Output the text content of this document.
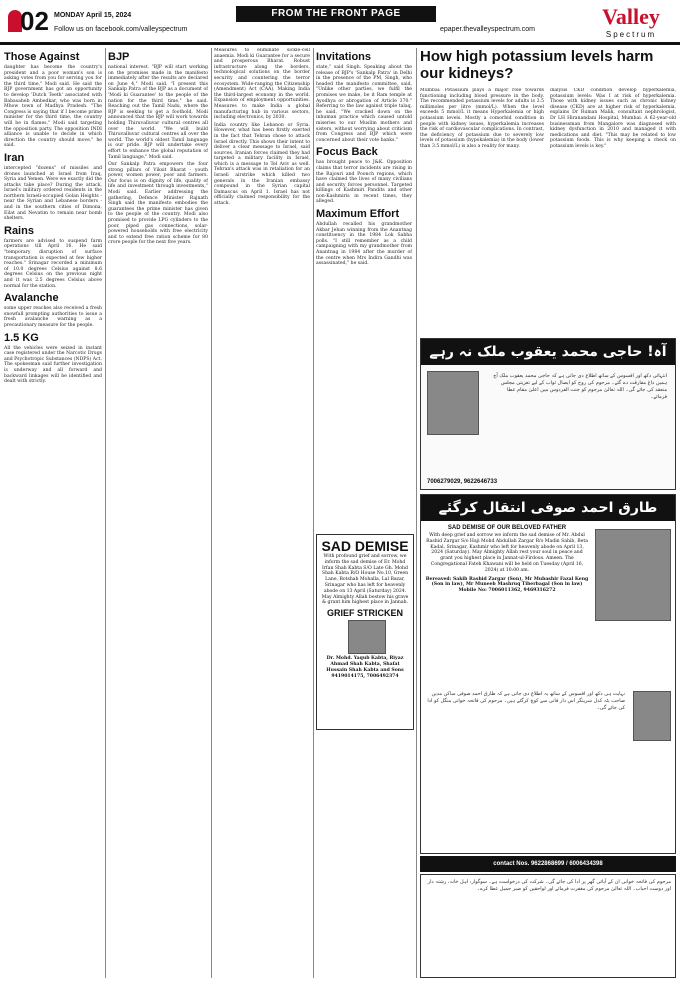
02 MONDAY April 15, 2024
Follow us on facebook.com/valleyspectrum
FROM THE FRONT PAGE
epaper.thevalleyspectrum.com
Valley
Spectrum
Those Against

daughter has become the country's president and a poor woman's son is asking votes from you for serving you for the third time," Modi said. He said the BJP government has got an opportunity to develop 'Dutch Teeth' associated with Babasaheb Ambedkar, who was born in Mhow town of Madhya Pradesh. "The Congress is saying that if I become prime minister for the third time, the country will be in flames," Modi said targeting the opposition party. The opposition INDI alliance is unable to decide in which direction the country should move," he said.

Iran

intercepted "dozens" of missiles and drones launched at Israel from Iraq, Syria and Yemen. Were we exactly did the attacks take place? During the attack, Israel's military ordered residents in the northern Israeli-occupied Golan Heights - near the Syrian and Lebanese borders - and in the southern cities of Dimona, Eilat and Nevatim to remain near bomb shelters.

Rains

farmers are advised to suspend farm operations till April 16. He said "temporary disruption of surface transportation is expected at few higher reaches." Srinagar recorded a minimum of 10.0 degrees Celsius against 8.6 degrees Celsius on the previous night and it was 2.5 degrees Celsius above normal for the station.

Avalanche

some upper reaches also received a fresh snowfall prompting authorities to issue a fresh avalanche warning as a precautionary measure for the people.

1.5 KG

All the vehicles were seized in instant case registered under the Narcotic Drugs and Psychotropic Substances (NDPS) Act. The spokesman said further investigation is underway and all forward and backward linkages will be identified and dealt with strictly.

BJP

national interest. "BJP will start working on the promises made in the manifesto immediately after the results are declared on June 4," Modi said. "I present this Sankalp Patra of the BJP as a document of 'Modi ki Guarantee' to the people of the nation for the third time," he said. Reaching out the Tamil Nadu, where the BJP is seeking to get a foothold, Modi announced that the BJP will work towards holding Thiruvalluvar cultural centres all over the world. "We will build Thiruvalluvar cultural centres all over the world. The world's oldest Tamil language is our pride. BJP will undertake every effort to enhance the global reputation of Tamil language," Modi said.

Our Sankalp Patra empowers the four strong pillars of Viksit Bharat - youth power, women power, poor and farmers. Our focus is on dignity of life, quality of life and investment through investments," Modi said. Earlier addressing the gathering, Defence Minister Rajnath Singh said the manifesto embodies the guarantees the prime minister has given to the people of the country. Modi also promised to provide LPG cylinders to the poor, piped gas connections, solar-powered households with free electricity and to extend free ration scheme for 80 crore people for the next five years.

Measures to eliminate sickle-cell anaemia. Modi ki Guarantee for a secure and prosperous Bharat. Robust infrastructure along the borders, technological solutions on the border security and countering the terror ecosystem. Wide-ranging the Citizenship (Amendment) Act (CAA). Making India the third-largest economy in the world. Expansion of employment opportunities. Measures to make India a global manufacturing hub in various sectors, including electronics, by 2030.

India country like Lebanon or Syria. However, what has been firstly exerted in the fact that Tehran chose to attack Israel directly. This shows their intent to deliver a clear message to Israel, said sources. Iranian forces claimed they had targeted a military facility in Israel, which is a message to Tel Aviv as well. Tehran's attack was in retaliation for an Israeli airstrike which killed two generals in the Iranian embassy compound in the Syrian capital Damascus on April 1. Israel has not officially claimed responsibility for the attack.

Invitations

state," said Singh. Speaking about the release of BJP's 'Sankalp Patra' in Delhi in the presence of the PM, Singh, who headed the manifesto committee, said, "Unlike other parties, we fulfil the promises we make, be it Ram temple at Ayodhya or abrogation of Article 370." Referring to the law against triple talaq, he said, "We cracked down on the inhuman practice which caused untold miseries to our Muslim mothers and sisters, without worrying about criticism from Congress and BJP which were concerned about their vote banks."

Focus Back

has brought peace to J&K. Opposition claims that terror incidents are rising in the Rajouri and Poonch regions, which have claimed the lives of many civilians and security forces personnel. Targeted killings of Kashmiri Pandits and other non-Kashmiris in recent times, they alleged.

Maximum Effort

Abdullah recalled his grandmother Akbar Jehan winning from the Anantnag constituency in the 1984 Lok Sabha polls. "I still remember as a child campaigning with my grandmother from Anantnag in 1984 after the murder of the centre when Mrs Indira Gandhi was assassinated," he said.

How high potassium levels harm our kidneys?

Mumbai: Potassium plays a major role towards functioning including blood pressure in the body. The recommended potassium levels for adults is 3.5 millimoles per litre (mmol/L). When the level exceeds 5 mmol/L it means Hyperkalemia or high potassium levels. Mostly a comorbid condition in people with kidney issues, hyperkalemia increases the risk of cardiovascular complications. In contrast, the deficiency of potassium due to severely low levels of potassium (hypokalemia) in the body (lower than 3.5 mmol/L) is also a reality for many.

dialysis CKD condition develop hyperkalemia, potassium levels: Was I at risk of hyperkalemia. Those with kidney issues such as chronic kidney disease (CKD) are at higher risk of hyperkalemia, explains Dr Ruman Malik, consultant nephrologist, Dr LH Hiranandani Hospital, Mumbai. A 62-year-old businessman from Mangalore was diagnosed with kidney dysfunction in 2010 and managed it with medications and diet. "This may be related to low potassium foods. This is why keeping a check on potassium levels is key."

آہ! حاجی محمد یعقوب ملک نہ رہے
انتہائی دکھ اور افسوس کے ساتھ اطلاع دی جاتی ہے کہ حاجی محمد یعقوب ملک آج ہمیں داغ مفارقت دے گئے۔ مرحوم کی روح کو ایصال ثواب کے لیے تعزیتی مجلس منعقد کی جائے گی۔ اللہ تعالیٰ مرحوم کو جنت الفردوس میں اعلیٰ مقام عطا فرمائے۔
7006279029, 9622646733
SAD DEMISE

With profound grief and sorrow, we inform the sad demise of Er. Mohd Irfan Shah Kabta S/O Late Gh. Mohd Shah Kabta R/O House No.10, Green Lane, Botshah Mohalla, Lal Bazar, Srinagar who has left for heavenly abode on 13 April (Saturday) 2024. May Almighty Allah bestow his grave & grant him highest place in Jannah.

GRIEF STRICKEN

Dr. Mohd. Yaqub Kabta, Riyaz Ahmad Shah Kabta, Shafat Hussain Shah Kabta and Sons

9419014175, 7006492374

طارق احمد صوفی انتقال کرگئے
SAD DEMISE OF OUR BELOVED FATHER

With deep grief and sorrow we inform the sad demise of Mr. Abdul Rashid Zargar S/o Haji Mohd Abdullah Zargar R/o Madin Sahib, Beta Kadal, Srinagar, Kashmir who left for heavenly abode on April 13, 2024 (Saturday). May Almighty Allah rest your soul in peace and grant you highest place in Jannat-ul-Firdous. Ameen. The Congregational Fateh Khawani will be held on Tuesday (April 16, 2024) at 10:00 am.

Bereaved: Sakib Rashid Zargar (Son), Mr Mubashir Fazal Keng (Son in law), Mr Muneeb Mashruq Tiberbagal (Son in law)

Mobile No: 7006011362, 9469316272

نہایت ہی دکھ اور افسوس کے ساتھ یہ اطلاع دی جاتی ہے کہ طارق احمد صوفی ساکن مدین صاحب بٹہ کدل سرینگر اس دار فانی سے کوچ کرگئے ہیں۔ مرحوم کی فاتحہ خوانی منگل کو ادا کی جائے گی۔
contact Nos. 9622868699 / 6006434398
مرحوم کی فاتحہ خوانی ان کے آبائی گھر پر ادا کی جائے گی۔ شرکت کی درخواست ہے۔ سوگوار: اہل خانہ، رشتہ دار اور دوست احباب۔ اللہ تعالیٰ مرحوم کی مغفرت فرمائے اور لواحقین کو صبر جمیل عطا کرے۔
